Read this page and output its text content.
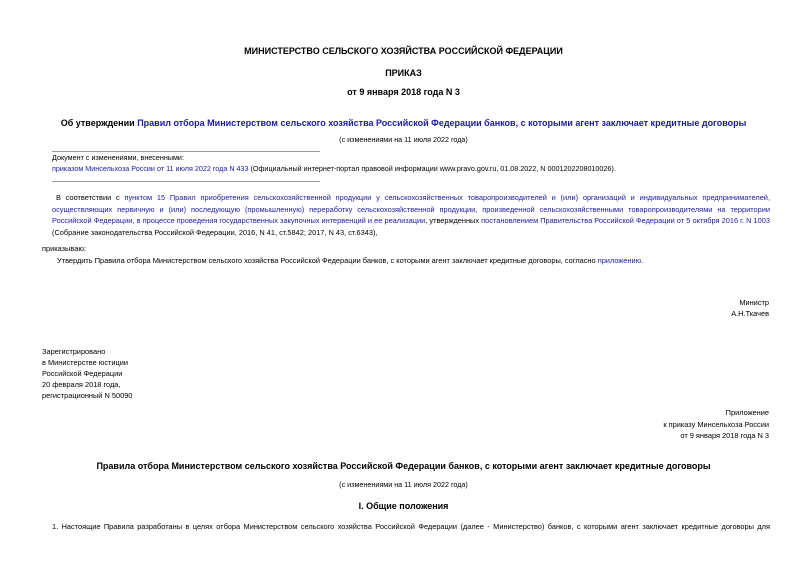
МИНИСТЕРСТВО СЕЛЬСКОГО ХОЗЯЙСТВА РОССИЙСКОЙ ФЕДЕРАЦИИ
ПРИКАЗ
от 9 января 2018 года N 3
Об утверждении Правил отбора Министерством сельского хозяйства Российской Федерации банков, с которыми агент заключает кредитные договоры
(с изменениями на 11 июля 2022 года)
Документ с изменениями, внесенными:
приказом Минсельхоза России от 11 июля 2022 года N 433 (Официальный интернет-портал правовой информации www.pravo.gov.ru, 01.08.2022, N 0001202208010026).
В соответствии с пунктом 15 Правил приобретения сельскохозяйственной продукции у сельскохозяйственных товаропроизводителей и (или) организаций и индивидуальных предпринимателей, осуществляющих первичную и (или) последующую (промышленную) переработку сельскохозяйственной продукции, произведенной сельскохозяйственными товаропроизводителями на территории Российской Федерации, в процессе проведения государственных закупочных интервенций и ее реализации, утвержденных постановлением Правительства Российской Федерации от 5 октября 2016 г. N 1003 (Собрание законодательства Российской Федерации, 2016, N 41, ст.5842; 2017, N 43, ст.6343),
приказываю:
Утвердить Правила отбора Министерством сельского хозяйства Российской Федерации банков, с которыми агент заключает кредитные договоры, согласно приложению.
Министр
А.Н.Ткачев
Зарегистрировано
в Министерстве юстиции
Российской Федерации
20 февраля 2018 года,
регистрационный N 50090
Приложение
к приказу Минсельхоза России
от 9 января 2018 года N 3
Правила отбора Министерством сельского хозяйства Российской Федерации банков, с которыми агент заключает кредитные договоры
(с изменениями на 11 июля 2022 года)
I. Общие положения
1. Настоящие Правила разработаны в целях отбора Министерством сельского хозяйства Российской Федерации (далее - Министерство) банков, с которыми агент заключает кредитные договоры для
